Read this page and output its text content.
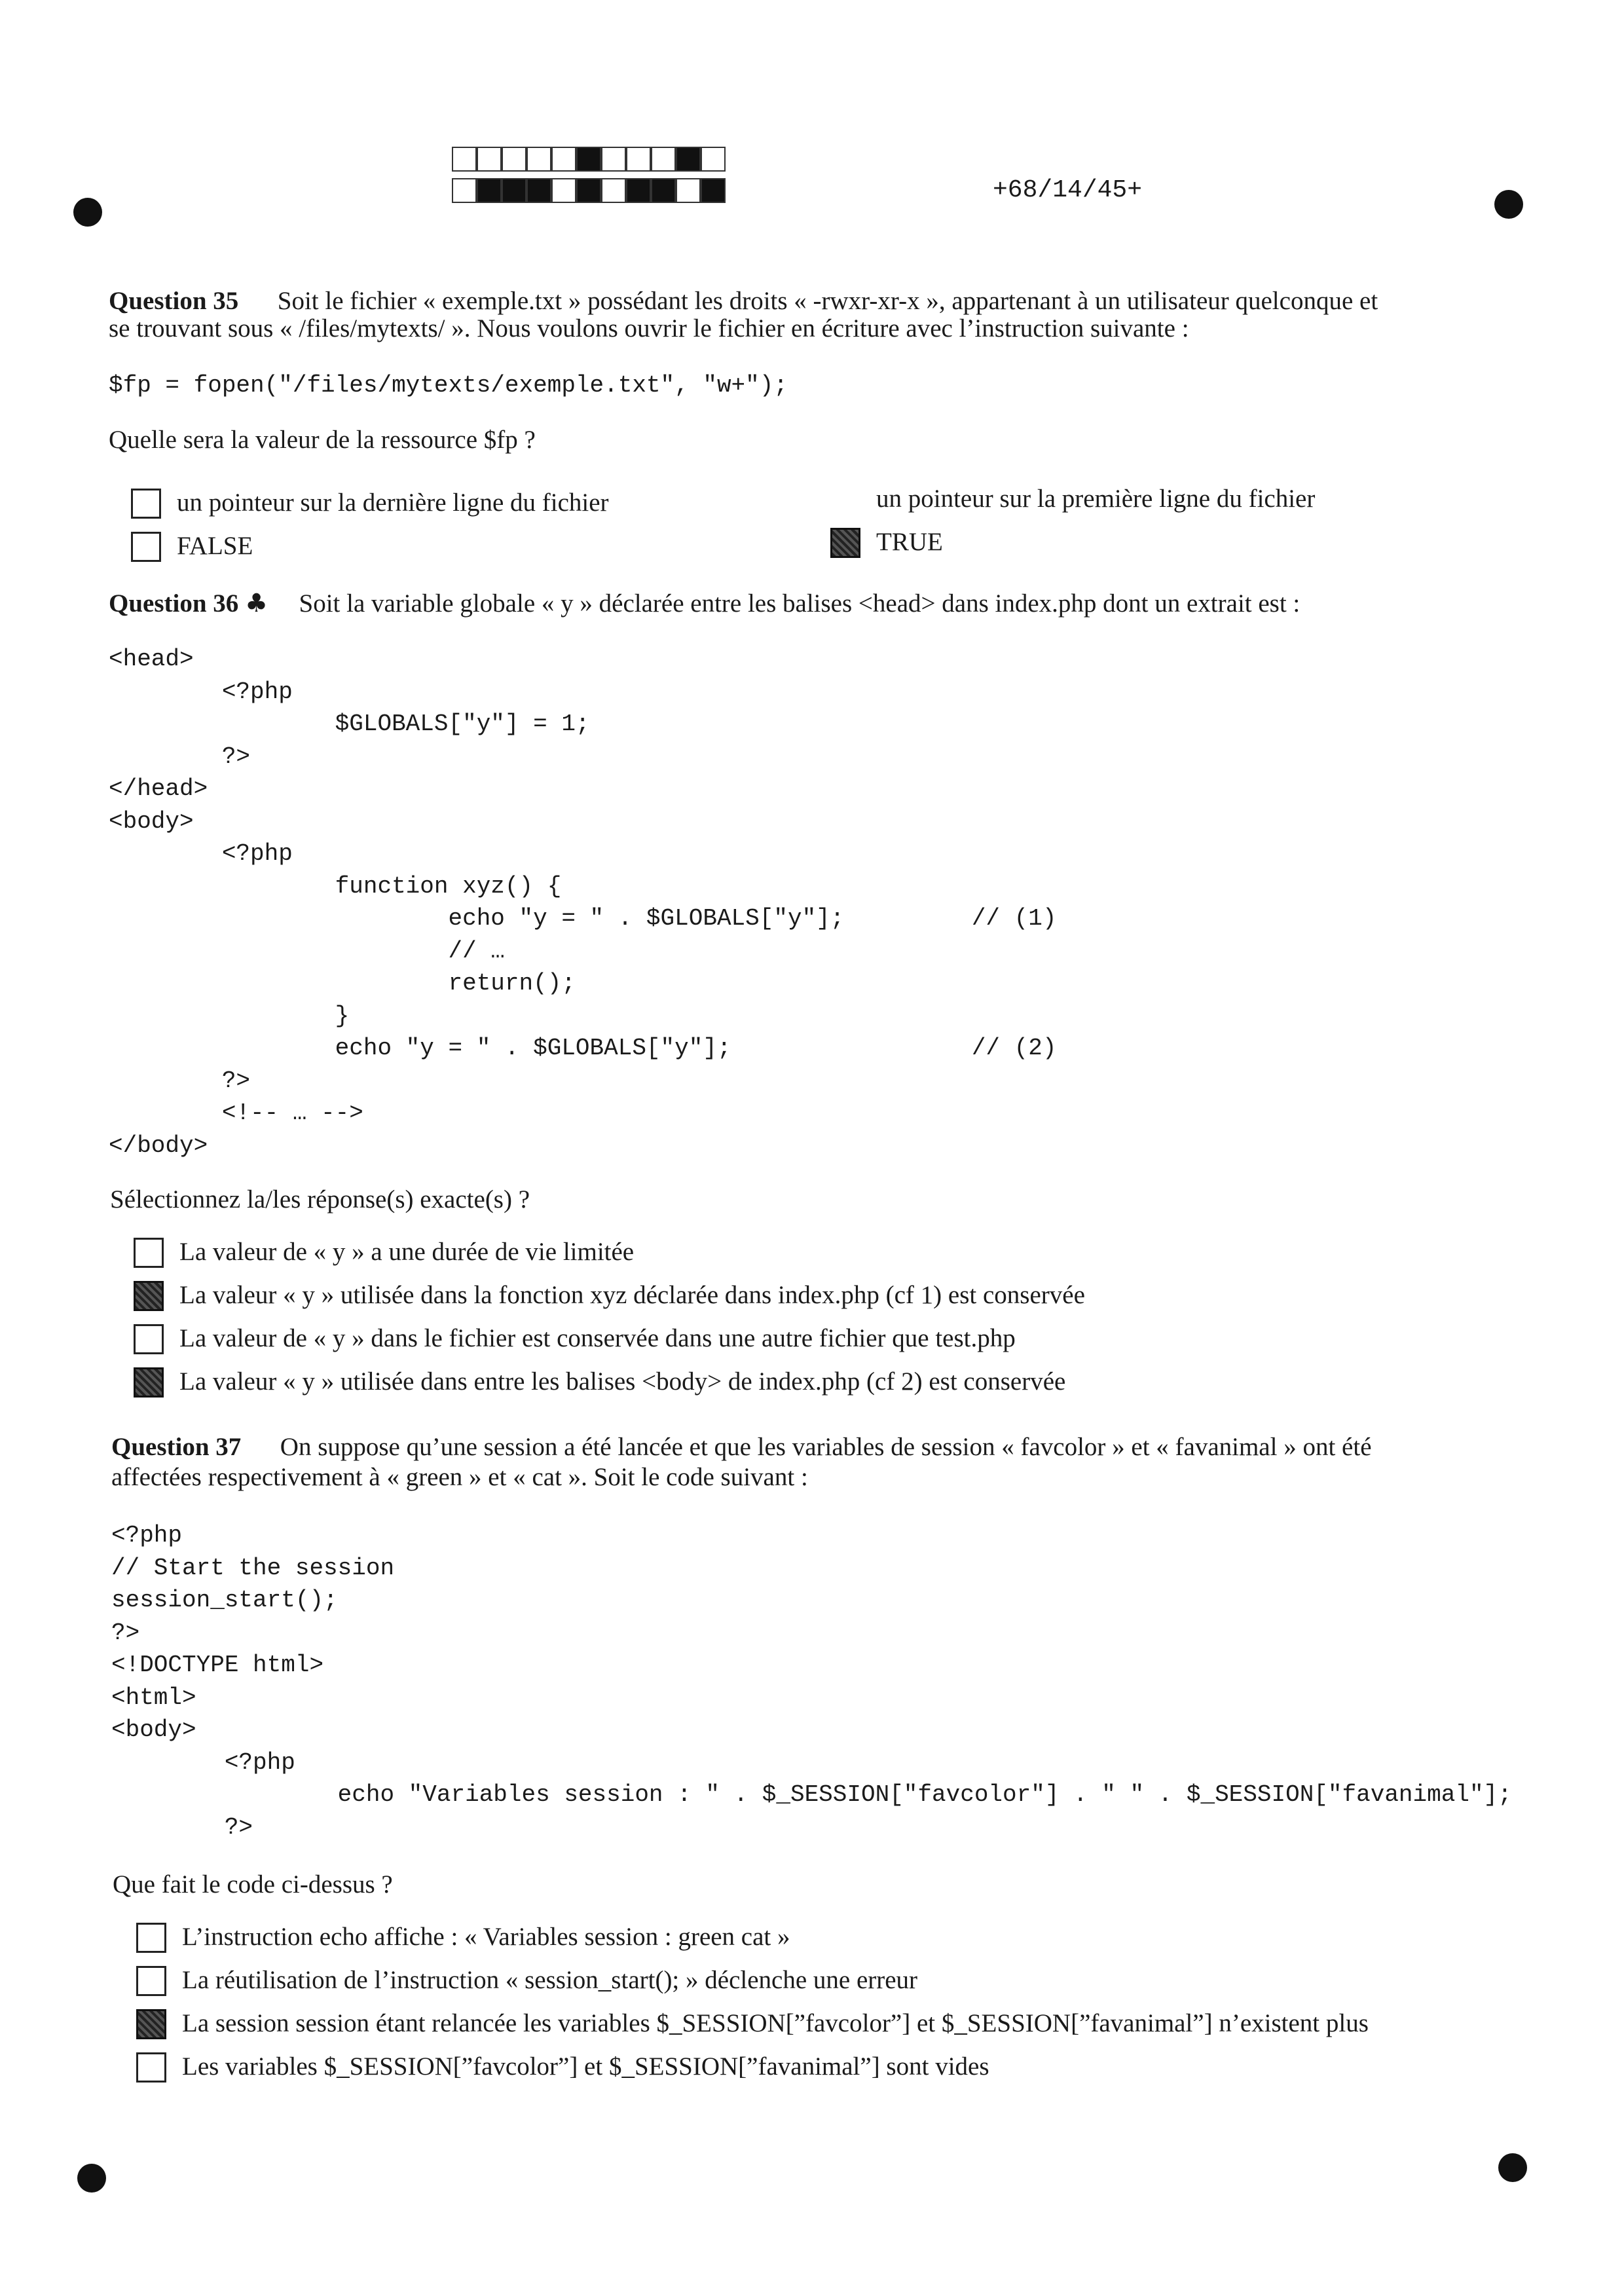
+68/14/45+
Question 35 Soit le fichier « exemple.txt » possédant les droits « -rwxr-xr-x », appartenant à un utilisateur quelconque et
se trouvant sous « /files/mytexts/ ». Nous voulons ouvrir le fichier en écriture avec l’instruction suivante :
$fp = fopen("/files/mytexts/exemple.txt", "w+");
Quelle sera la valeur de la ressource $fp ?
un pointeur sur la dernière ligne du fichier
FALSE
un pointeur sur la première ligne du fichier
TRUE
Question 36 ♣ Soit la variable globale « y » déclarée entre les balises <head> dans index.php dont un extrait est :
<head>
<?php
$GLOBALS["y"] = 1;
?>
</head>
<body>
<?php
function xyz() {
echo "y = " . $GLOBALS["y"];         // (1)
// …
return();
}
echo "y = " . $GLOBALS["y"];                 // (2)
?>
<!-- … -->
</body>
Sélectionnez la/les réponse(s) exacte(s) ?
La valeur de « y » a une durée de vie limitée
La valeur « y » utilisée dans la fonction xyz déclarée dans index.php (cf 1) est conservée
La valeur de « y » dans le fichier est conservée dans une autre fichier que test.php
La valeur « y » utilisée dans entre les balises <body> de index.php (cf 2) est conservée
Question 37 On suppose qu’une session a été lancée et que les variables de session « favcolor » et « favanimal » ont été
affectées respectivement à « green » et « cat ». Soit le code suivant :
<?php
// Start the session
session_start();
?>
<!DOCTYPE html>
<html>
<body>
<?php
echo "Variables session : " . $_SESSION["favcolor"] . " " . $_SESSION["favanimal"];
?>
Que fait le code ci-dessus ?
L’instruction echo affiche : « Variables session : green cat »
La réutilisation de l’instruction « session_start(); » déclenche une erreur
La session session étant relancée les variables $_SESSION[”favcolor”] et $_SESSION[”favanimal”] n’existent plus
Les variables $_SESSION[”favcolor”] et $_SESSION[”favanimal”] sont vides
